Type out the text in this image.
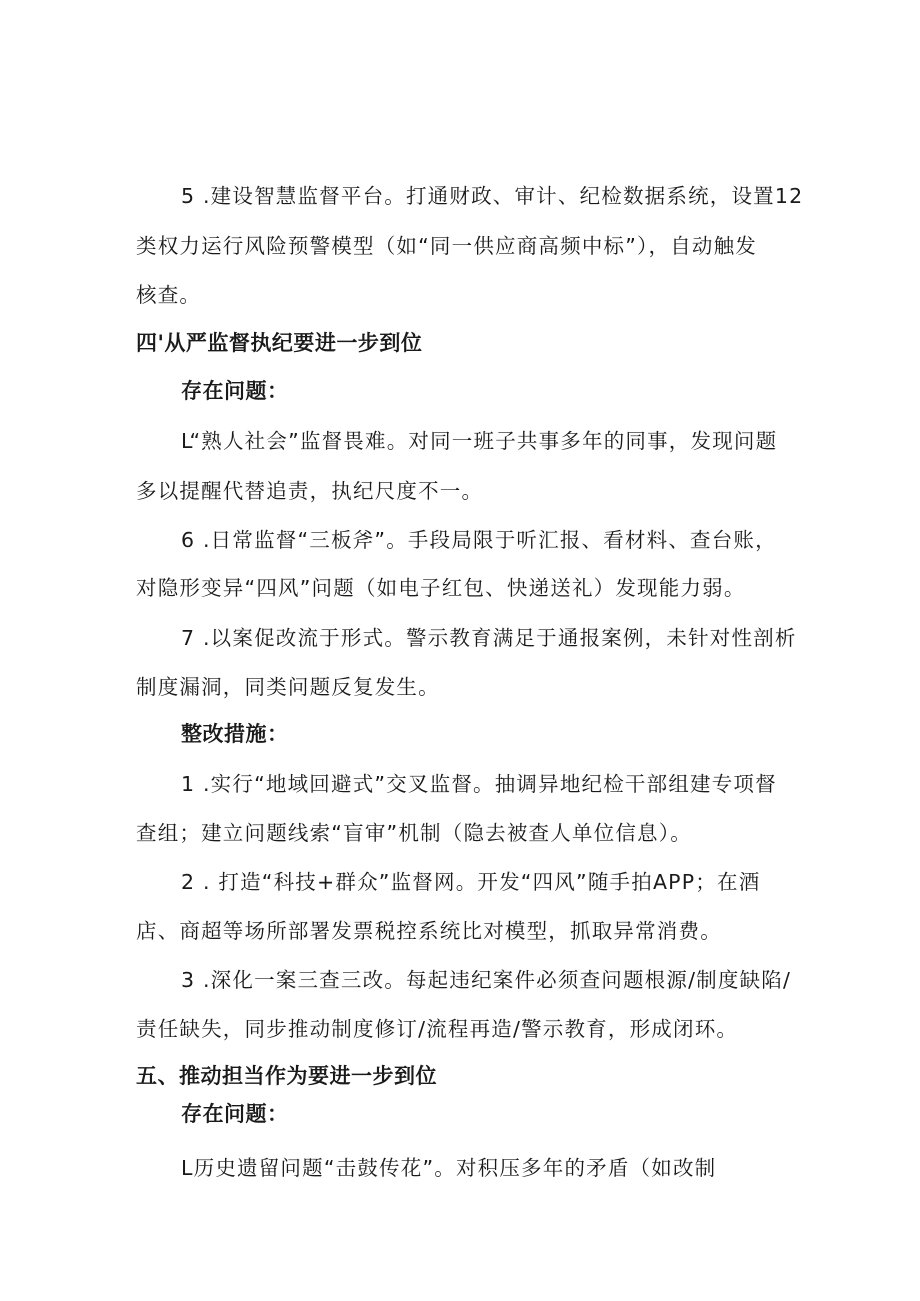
5 .建设智慧监督平台。打通财政、审计、纪检数据系统，设置12
类权力运行风险预警模型（如“同一供应商高频中标”），自动触发
核查。
四'从严监督执纪要进一步到位
存在问题：
L“熟人社会”监督畏难。对同一班子共事多年的同事，发现问题
多以提醒代替追责，执纪尺度不一。
6 .日常监督“三板斧”。手段局限于听汇报、看材料、查台账，
对隐形变异“四风”问题（如电子红包、快递送礼）发现能力弱。
7 .以案促改流于形式。警示教育满足于通报案例，未针对性剖析
制度漏洞，同类问题反复发生。
整改措施：
1 .实行“地域回避式”交叉监督。抽调异地纪检干部组建专项督
查组；建立问题线索“盲审”机制（隐去被查人单位信息）。
2 . 打造“科技+群众”监督网。开发“四风”随手拍APP；在酒
店、商超等场所部署发票税控系统比对模型，抓取异常消费。
3 .深化一案三查三改。每起违纪案件必须查问题根源/制度缺陷/
责任缺失，同步推动制度修订/流程再造/警示教育，形成闭环。
五、推动担当作为要进一步到位
存在问题：
L历史遗留问题“击鼓传花”。对积压多年的矛盾（如改制
